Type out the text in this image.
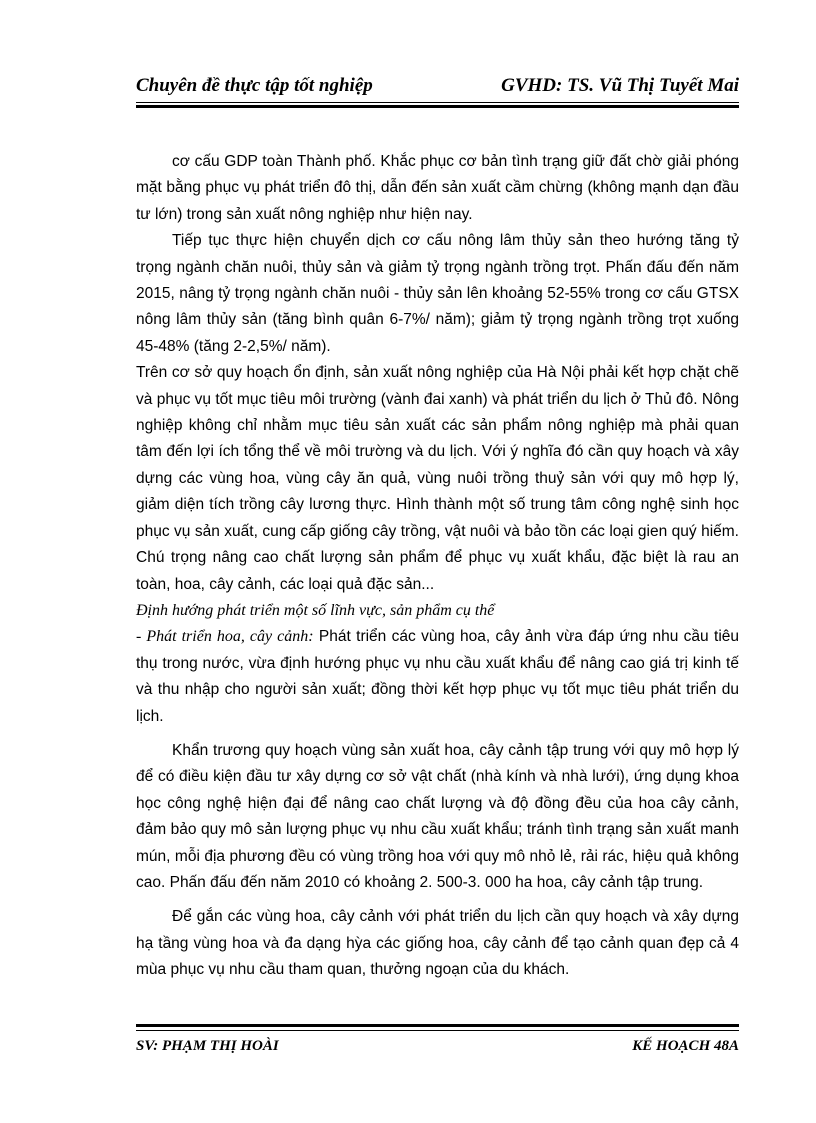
Chuyên đề thực tập tốt nghiệp	GVHD: TS. Vũ Thị Tuyết Mai

cơ cấu GDP toàn Thành phố. Khắc phục cơ bản tình trạng giữ đất chờ giải phóng mặt bằng phục vụ phát triển đô thị, dẫn đến sản xuất cầm chừng (không mạnh dạn đầu tư lớn) trong sản xuất nông nghiệp như hiện nay.

Tiếp tục thực hiện chuyển dịch cơ cấu nông lâm thủy sản theo hướng tăng tỷ trọng ngành chăn nuôi, thủy sản và giảm tỷ trọng ngành trồng trọt. Phấn đấu đến năm 2015, nâng tỷ trọng ngành chăn nuôi - thủy sản lên khoảng 52-55% trong cơ cấu GTSX nông lâm thủy sản (tăng bình quân 6-7%/ năm); giảm tỷ trọng ngành trồng trọt xuống 45-48% (tăng 2-2,5%/ năm).

Trên cơ sở quy hoạch ổn định, sản xuất nông nghiệp của Hà Nội phải kết hợp chặt chẽ và phục vụ tốt mục tiêu môi trường (vành đai xanh) và phát triển du lịch ở Thủ đô. Nông nghiệp không chỉ nhằm mục tiêu sản xuất các sản phẩm nông nghiệp mà phải quan tâm đến lợi ích tổng thể về môi trường và du lịch. Với ý nghĩa đó cần quy hoạch và xây dựng các vùng hoa, vùng cây ăn quả, vùng nuôi trồng thuỷ sản với quy mô hợp lý, giảm diện tích trồng cây lương thực. Hình thành một số trung tâm công nghệ sinh học phục vụ sản xuất, cung cấp giống cây trồng, vật nuôi và bảo tồn các loại gien quý hiếm. Chú trọng nâng cao chất lượng sản phẩm để phục vụ xuất khẩu, đặc biệt là rau an toàn, hoa, cây cảnh, các loại quả đặc sản...

Định hướng phát triển một số lĩnh vực, sản phẩm cụ thể

- Phát triển hoa, cây cảnh: Phát triển các vùng hoa, cây ảnh vừa đáp ứng nhu cầu tiêu thụ trong nước, vừa định hướng phục vụ nhu cầu xuất khẩu để nâng cao giá trị kinh tế và thu nhập cho người sản xuất; đồng thời kết hợp phục vụ tốt mục tiêu phát triển du lịch.

Khẩn trương quy hoạch vùng sản xuất hoa, cây cảnh tập trung với quy mô hợp lý để có điều kiện đầu tư xây dựng cơ sở vật chất (nhà kính và nhà lưới), ứng dụng khoa học công nghệ hiện đại để nâng cao chất lượng và độ đồng đều của hoa cây cảnh, đảm bảo quy mô sản lượng phục vụ nhu cầu xuất khẩu; tránh tình trạng sản xuất manh mún, mỗi địa phương đều có vùng trồng hoa với quy mô nhỏ lẻ, rải rác, hiệu quả không cao. Phấn đấu đến năm 2010 có khoảng 2. 500-3. 000 ha hoa, cây cảnh tập trung.

Để gắn các vùng hoa, cây cảnh với phát triển du lịch cần quy hoạch và xây dựng hạ tầng vùng hoa và đa dạng hỳa các giống hoa, cây cảnh để tạo cảnh quan đẹp cả 4 mùa phục vụ nhu cầu tham quan, thưởng ngoạn của du khách.

SV: PHẠM THỊ HOÀI	KẾ HOẠCH 48A
